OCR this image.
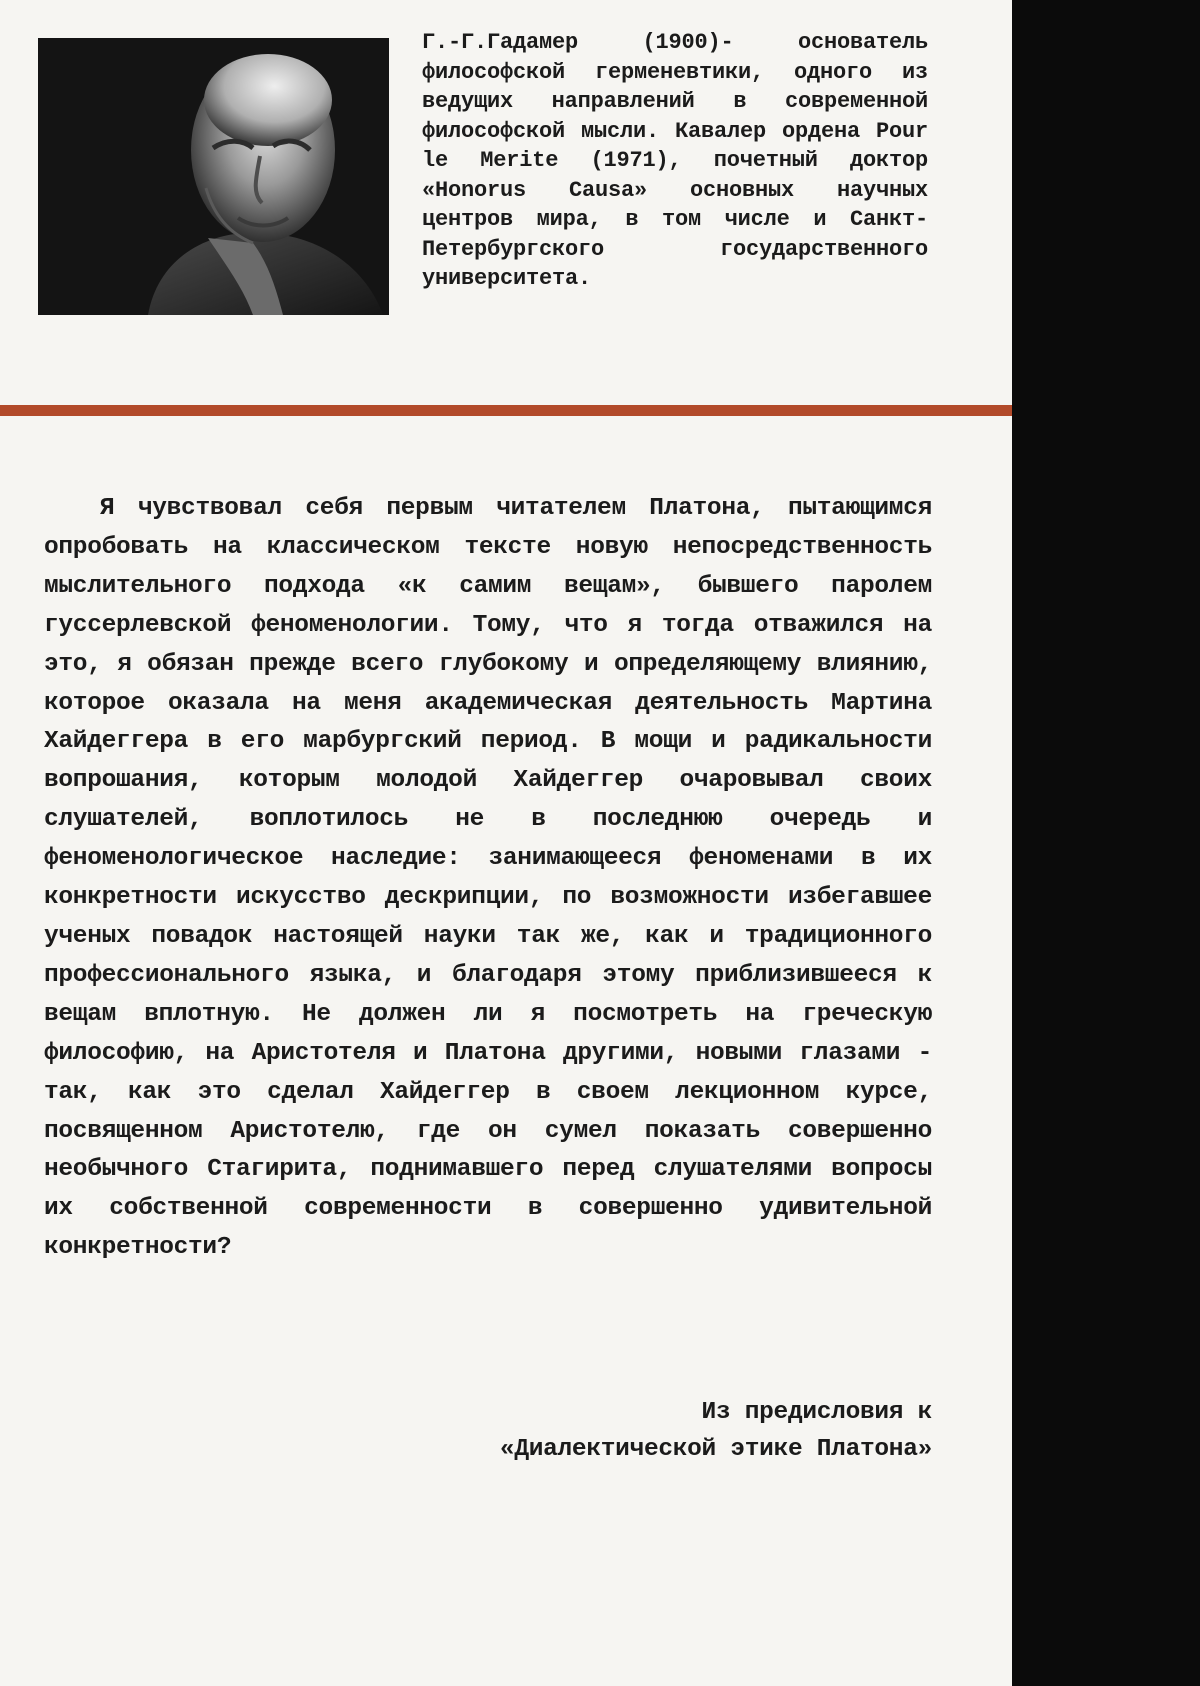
Г.-Г.Гадамер (1900)- основатель философской герменевтики, одного из ведущих направлений в современной философской мысли. Кавалер ордена Pour le Merite (1971), почетный доктор «Honorus Causa» основных научных центров мира, в том числе и Санкт-Петербургского государственного университета.

Я чувствовал себя первым читателем Платона, пытающимся опробовать на классическом тексте новую непосредственность мыслительного подхода «к самим вещам», бывшего паролем гуссерлевской феноменологии. Тому, что я тогда отважился на это, я обязан прежде всего глубокому и определяющему влиянию, которое оказала на меня академическая деятельность Мартина Хайдеггера в его марбургский период. В мощи и радикальности вопрошания, которым молодой Хайдеггер очаровывал своих слушателей, воплотилось не в последнюю очередь и феноменологическое наследие: занимающееся феноменами в их конкретности искусство дескрипции, по возможности избегавшее ученых повадок настоящей науки так же, как и традиционного профессионального языка, и благодаря этому приблизившееся к вещам вплотную. Не должен ли я посмотреть на греческую философию, на Аристотеля и Платона другими, новыми глазами - так, как это сделал Хайдеггер в своем лекционном курсе, посвященном Аристотелю, где он сумел показать совершенно необычного Стагирита, поднимавшего перед слушателями вопросы их собственной современности в совершенно удивительной конкретности?

Из предисловия к
«Диалектической этике Платона»
